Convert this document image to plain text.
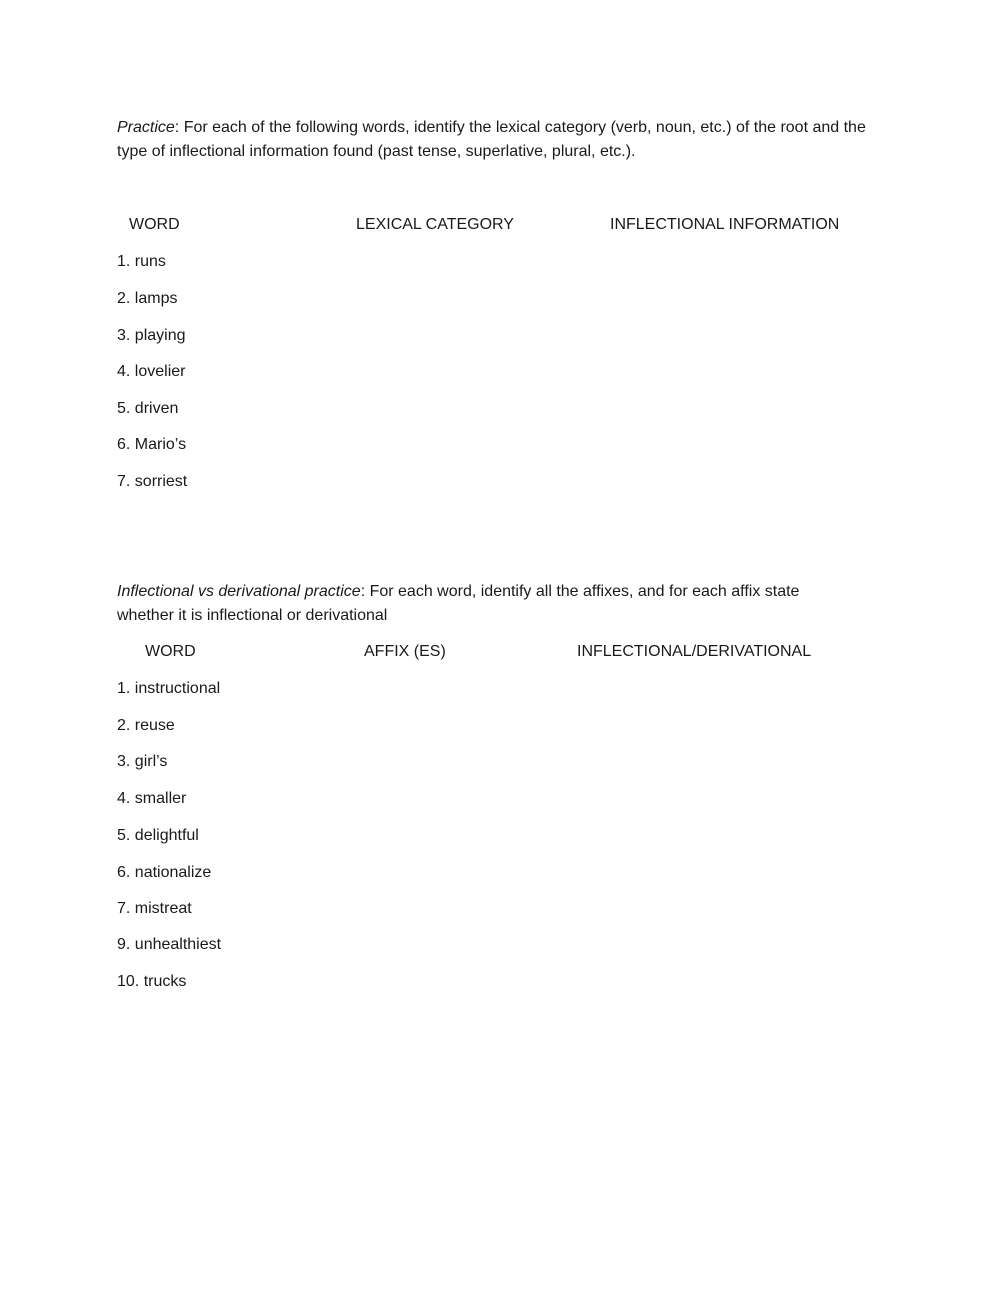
Practice: For each of the following words, identify the lexical category (verb, noun, etc.) of the root and the type of inflectional information found (past tense, superlative, plural, etc.).
WORD	LEXICAL CATEGORY	INFLECTIONAL INFORMATION
1. runs
2. lamps
3. playing
4. lovelier
5. driven
6. Mario’s
7. sorriest
Inflectional vs derivational practice: For each word, identify all the affixes, and for each affix state whether it is inflectional or derivational
WORD	AFFIX (ES)	INFLECTIONAL/DERIVATIONAL
1. instructional
2. reuse
3. girl’s
4. smaller
5. delightful
6. nationalize
7. mistreat
9. unhealthiest
10. trucks
